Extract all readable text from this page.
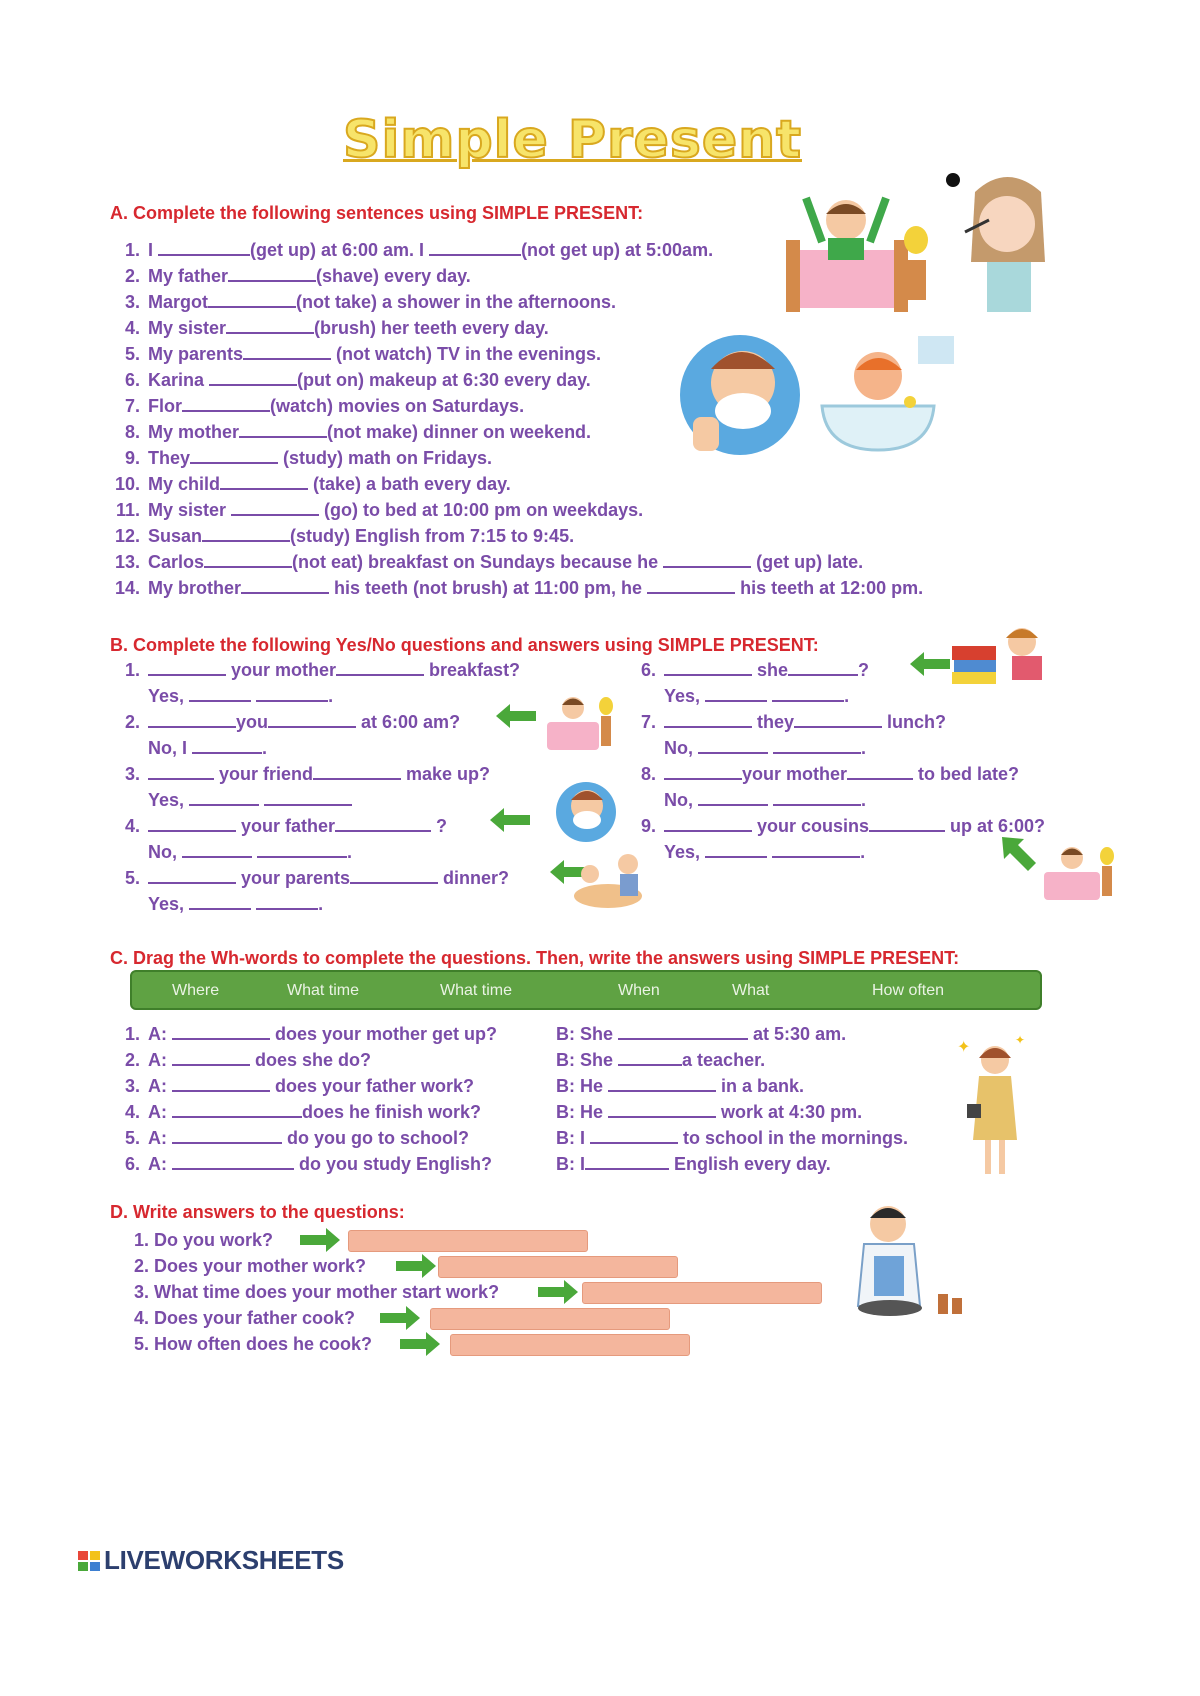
Simple Present
A. Complete the following sentences using SIMPLE PRESENT:
1. I	(get up) at 6:00 am. I	(not get up) at 5:00am.
2. My father	(shave) every day.
3. Margot	(not take) a shower in the afternoons.
4. My sister	(brush) her teeth every day.
5. My parents	(not watch) TV in the evenings.
6. Karina	(put on) makeup at 6:30 every day.
7. Flor	(watch) movies on Saturdays.
8. My mother	(not make) dinner on weekend.
9. They	(study) math on Fridays.
10. My child	(take) a bath every day.
11. My sister	(go) to bed at 10:00 pm on weekdays.
12. Susan	(study) English from 7:15 to 9:45.
13. Carlos	(not eat) breakfast on Sundays because he	(get up) late.
14. My brother	his teeth (not brush) at 11:00 pm, he	his teeth at 12:00 pm.
B. Complete the following Yes/No questions and answers using SIMPLE PRESENT:
1.	your mother	breakfast?
Yes,	.
2.	you	at 6:00 am?
No, I	.
3.	your friend	make up?
Yes,
4.	your father	?
No,	.
5.	your parents	dinner?
Yes,	.
6.	she	?
Yes,	.
7.	they	lunch?
No,	.
8.	your mother	to bed late?
No,	.
9.	your cousins	up at 6:00?
Yes,	.
C. Drag the Wh-words to complete the questions. Then, write the answers using SIMPLE PRESENT:
Where	What time	What time	When	What	How often
1. A:	does your mother get up?	B: She	at 5:30 am.
2. A:	does she do?	B: She	a teacher.
3. A:	does your father work?	B: He	in a bank.
4. A:	does he finish work?	B: He	work at 4:30 pm.
5. A:	do you go to school?	B: I	to school in the mornings.
6. A:	do you study English?	B: I	English every day.
✦	✦
D. Write answers to the questions:
1. Do you work?
2. Does your mother work?
3. What time does your mother start work?
4. Does your father cook?
5. How often does he cook?
LIVEWORKSHEETS
